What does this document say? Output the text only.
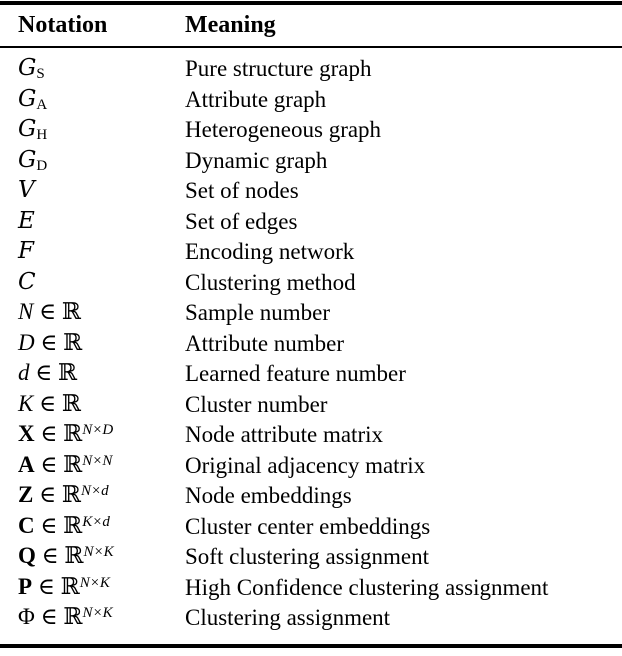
Notation	Meaning
$G_S$	Pure structure graph
$G_A$	Attribute graph
$G_H$	Heterogeneous graph
$G_D$	Dynamic graph
V	Set of nodes
E	Set of edges
F	Encoding network
C	Clustering method
N ∈ ℝ	Sample number
D ∈ ℝ	Attribute number
d ∈ ℝ	Learned feature number
K ∈ ℝ	Cluster number
X ∈ ℝ$^{N\times D}$	Node attribute matrix
A ∈ ℝ$^{N\times N}$	Original adjacency matrix
Z ∈ ℝ$^{N\times d}$	Node embeddings
C ∈ ℝ$^{K\times d}$	Cluster center embeddings
Q ∈ ℝ$^{N\times K}$	Soft clustering assignment
P ∈ ℝ$^{N\times K}$	High Confidence clustering assignment
Φ ∈ ℝ$^{N\times K}$	Clustering assignment
